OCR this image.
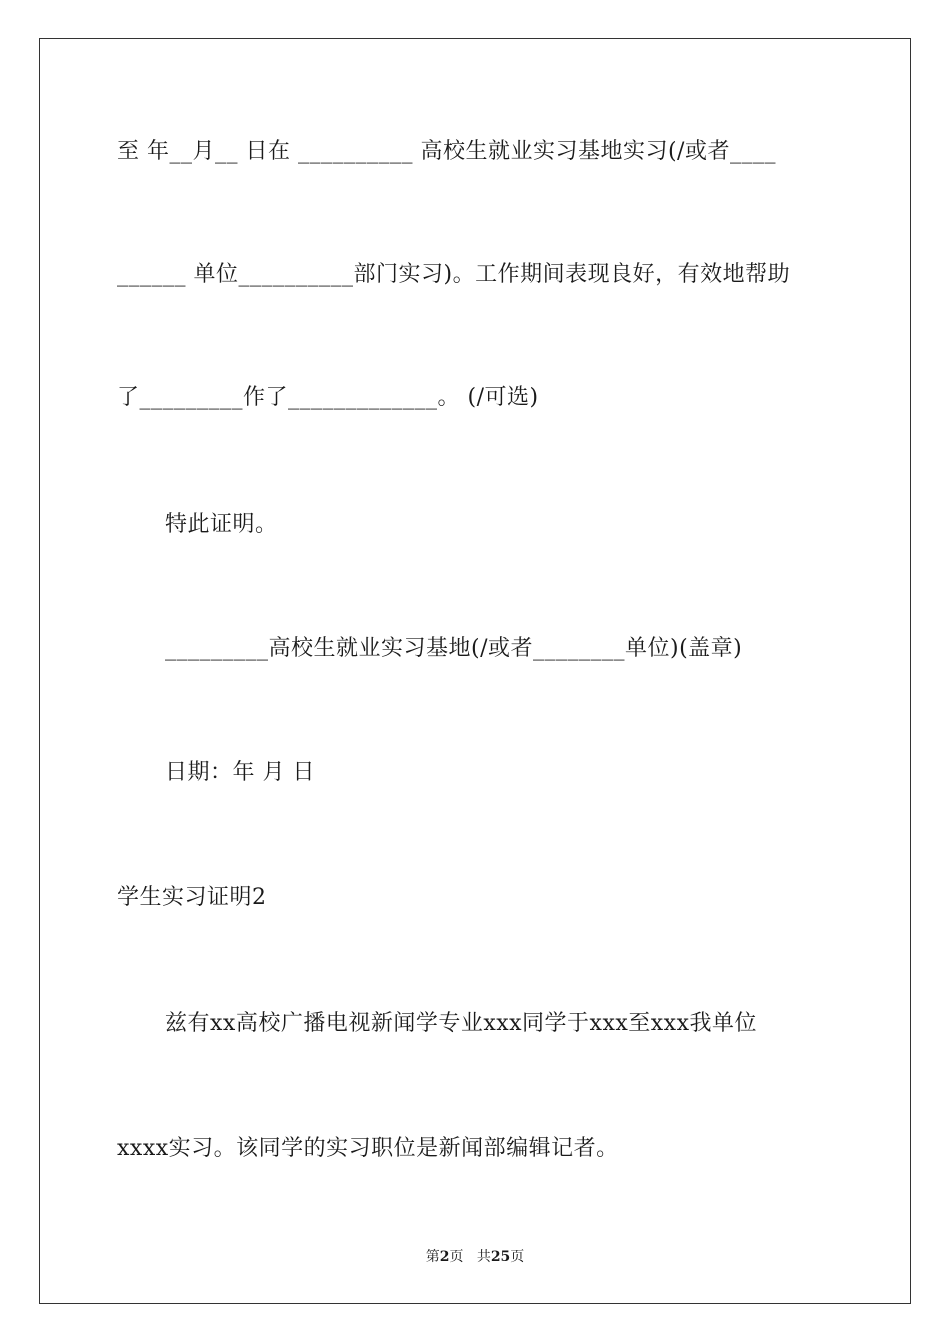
至 年__月__ 日在 __________ 高校生就业实习基地实习(/或者____
______ 单位__________部门实习)。工作期间表现良好，有效地帮助
了_________作了_____________。 (/可选)
特此证明。
_________高校生就业实习基地(/或者________单位)(盖章)
日期：年 月 日
学生实习证明2
兹有xx高校广播电视新闻学专业xxx同学于xxx至xxx我单位
xxxx实习。该同学的实习职位是新闻部编辑记者。
第2页 共25页
